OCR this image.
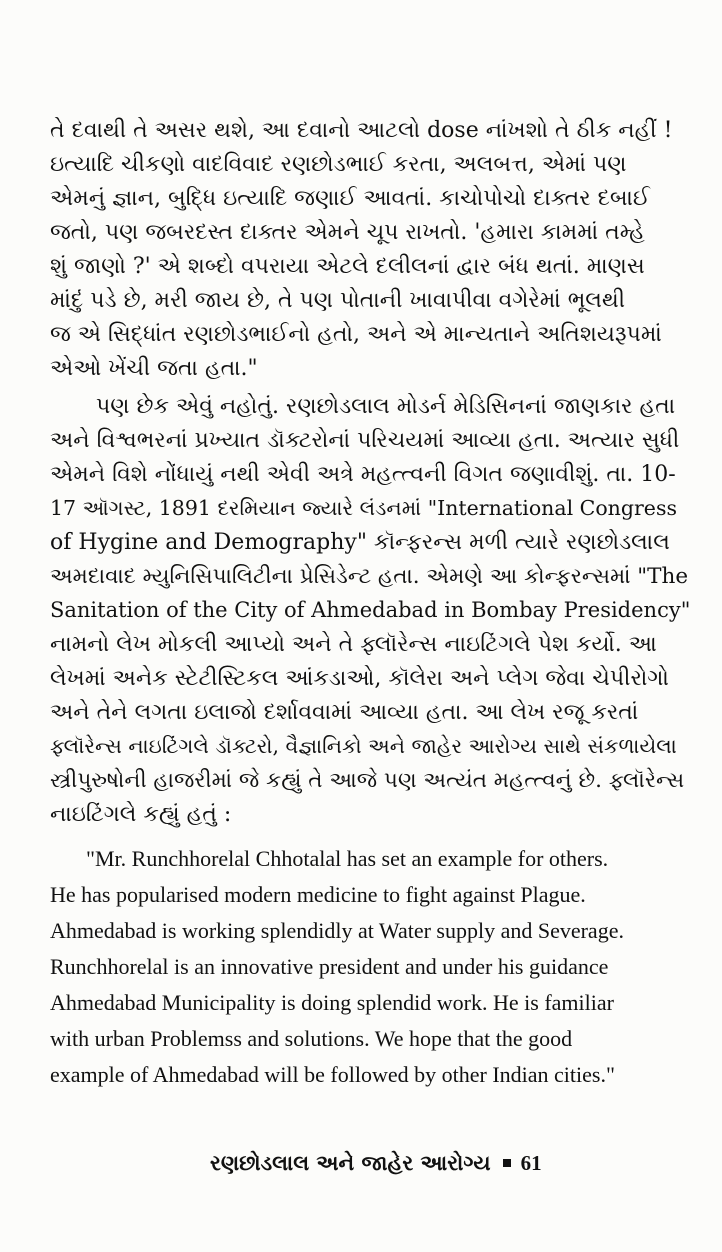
તે દવાથી તે અસર થશે, આ દવાનો આટલો dose નાંખશો તે ઠીક નહીં !
ઇત્યાદિ ચીકણો વાદવિવાદ રણછોડભાઈ કરતા, અલબત્ત, એમાં પણ
એમનું જ્ઞાન, બુદ્ધિ ઇત્યાદિ જણાઈ આવતાં. કાચોપોચો દાક્તર દબાઈ
જતો, પણ જબરદસ્ત દાક્તર એમને ચૂપ રાખતો. 'હમારા કામમાં તમ્હે
શું જાણો ?' એ શબ્દો વપરાયા એટલે દલીલનાં દ્વાર બંધ થતાં. માણસ
માંદું પડે છે, મરી જાય છે, તે પણ પોતાની ખાવાપીવા વગેરેમાં ભૂલથી
જ એ સિદ્ધાંત રણછોડભાઈનો હતો, અને એ માન્યતાને અતિશયરૂપમાં
એઓ ખેંચી જતા હતા."
પણ છેક એવું નહોતું. રણછોડલાલ મોડર્ન મેડિસિનનાં જાણકાર હતા
અને વિશ્વભરનાં પ્રખ્યાત ડૉક્ટરોનાં પરિચયમાં આવ્યા હતા. અત્યાર સુધી
એમને વિશે નોંધાયું નથી એવી અત્રે મહત્ત્વની વિગત જણાવીશું. તા. 10-
17 ઑગસ્ટ, 1891 દરમિયાન જ્યારે લંડનમાં "International Congress
of Hygine and Demography" કૉન્ફરન્સ મળી ત્યારે રણછોડલાલ
અમદાવાદ મ્યુનિસિપાલિટીના પ્રેસિડેન્ટ હતા. એમણે આ કોન્ફરન્સમાં "The
Sanitation of the City of Ahmedabad in Bombay Presidency"
નામનો લેખ મોકલી આપ્યો અને તે ફ્લૉરેન્સ નાઇટિંગલે પેશ કર્યો. આ
લેખમાં અનેક સ્ટેટીસ્ટિકલ આંકડાઓ, કૉલેરા અને પ્લેગ જેવા ચેપીરોગો
અને તેને લગતા ઇલાજો દર્શાવવામાં આવ્યા હતા. આ લેખ રજૂ કરતાં
ફ્લૉરેન્સ નાઇટિંગલે ડૉક્ટરો, વૈજ્ઞાનિકો અને જાહેર આરોગ્ય સાથે સંકળાયેલા
સ્ત્રીપુરુષોની હાજરીમાં જે કહ્યું તે આજે પણ અત્યંત મહત્ત્વનું છે. ફ્લૉરેન્સ
નાઇટિંગલે કહ્યું હતું :
"Mr. Runchhorelal Chhotalal has set an example for others.
He has popularised modern medicine to fight against Plague.
Ahmedabad is working splendidly at Water supply and Severage.
Runchhorelal is an innovative president and under his guidance
Ahmedabad Municipality is doing splendid work. He is familiar
with urban Problemss and solutions. We hope that the good
example of Ahmedabad will be followed by other Indian cities."
રણછોડલાલ અને જાહેર આરોગ્ય 61
